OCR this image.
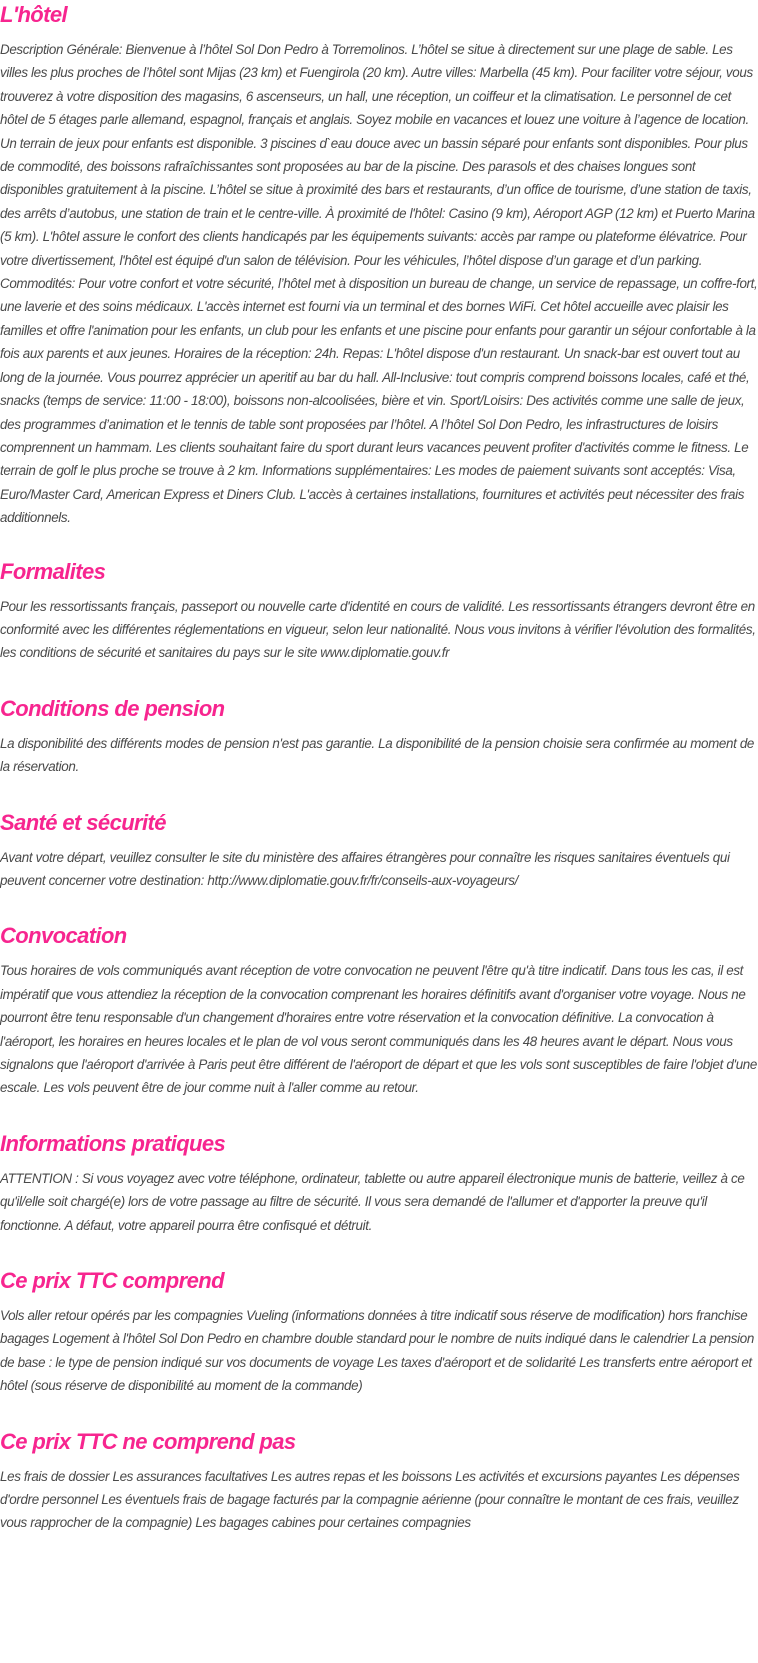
L'hôtel

Description Générale: Bienvenue à l’hôtel Sol Don Pedro à Torremolinos. L’hôtel se situe à directement sur une plage de sable. Les villes les plus proches de l’hôtel sont Mijas (23 km) et Fuengirola (20 km). Autre villes: Marbella (45 km). Pour faciliter votre séjour, vous trouverez à votre disposition des magasins, 6 ascenseurs, un hall, une réception, un coiffeur et la climatisation. Le personnel de cet hôtel de 5 étages parle allemand, espagnol, français et anglais. Soyez mobile en vacances et louez une voiture à l’agence de location. Un terrain de jeux pour enfants est disponible. 3 piscines d`eau douce avec un bassin séparé pour enfants sont disponibles. Pour plus de commodité, des boissons rafraîchissantes sont proposées au bar de la piscine. Des parasols et des chaises longues sont disponibles gratuitement à la piscine. L’hôtel se situe à proximité des bars et restaurants, d’un office de tourisme, d’une station de taxis, des arrêts d’autobus, une station de train et le centre-ville. À proximité de l'hôtel: Casino (9 km), Aéroport AGP (12 km) et Puerto Marina (5 km). L'hôtel assure le confort des clients handicapés par les équipements suivants: accès par rampe ou plateforme élévatrice. Pour votre divertissement, l'hôtel est équipé d'un salon de télévision. Pour les véhicules, l’hôtel dispose d’un garage et d’un parking. Commodités: Pour votre confort et votre sécurité, l’hôtel met à disposition un bureau de change, un service de repassage, un coffre-fort, une laverie et des soins médicaux. L'accès internet est fourni via un terminal et des bornes WiFi. Cet hôtel accueille avec plaisir les familles et offre l'animation pour les enfants, un club pour les enfants et une piscine pour enfants pour garantir un séjour confortable à la fois aux parents et aux jeunes. Horaires de la réception: 24h. Repas: L'hôtel dispose d'un restaurant. Un snack-bar est ouvert tout au long de la journée. Vous pourrez apprécier un aperitif au bar du hall. All-Inclusive: tout compris comprend boissons locales, café et thé, snacks (temps de service: 11:00 - 18:00), boissons non-alcoolisées, bière et vin. Sport/Loisirs: Des activités comme une salle de jeux, des programmes d’animation et le tennis de table sont proposées par l’hôtel. A l’hôtel Sol Don Pedro, les infrastructures de loisirs comprennent un hammam. Les clients souhaitant faire du sport durant leurs vacances peuvent profiter d'activités comme le fitness. Le terrain de golf le plus proche se trouve à 2 km. Informations supplémentaires: Les modes de paiement suivants sont acceptés: Visa, Euro/Master Card, American Express et Diners Club. L'accès à certaines installations, fournitures et activités peut nécessiter des frais additionnels.

Formalites

Pour les ressortissants français, passeport ou nouvelle carte d'identité en cours de validité. Les ressortissants étrangers devront être en conformité avec les différentes réglementations en vigueur, selon leur nationalité. Nous vous invitons à vérifier l'évolution des formalités, les conditions de sécurité et sanitaires du pays sur le site www.diplomatie.gouv.fr

Conditions de pension

La disponibilité des différents modes de pension n'est pas garantie. La disponibilité de la pension choisie sera confirmée au moment de la réservation.

Santé et sécurité

Avant votre départ, veuillez consulter le site du ministère des affaires étrangères pour connaître les risques sanitaires éventuels qui peuvent concerner votre destination: http://www.diplomatie.gouv.fr/fr/conseils-aux-voyageurs/

Convocation

Tous horaires de vols communiqués avant réception de votre convocation ne peuvent l'être qu'à titre indicatif. Dans tous les cas, il est impératif que vous attendiez la réception de la convocation comprenant les horaires définitifs avant d'organiser votre voyage. Nous ne pourront être tenu responsable d'un changement d'horaires entre votre réservation et la convocation définitive. La convocation à l'aéroport, les horaires en heures locales et le plan de vol vous seront communiqués dans les 48 heures avant le départ. Nous vous signalons que l'aéroport d'arrivée à Paris peut être différent de l'aéroport de départ et que les vols sont susceptibles de faire l'objet d'une escale. Les vols peuvent être de jour comme nuit à l'aller comme au retour.

Informations pratiques

ATTENTION : Si vous voyagez avec votre téléphone, ordinateur, tablette ou autre appareil électronique munis de batterie, veillez à ce qu'il/elle soit chargé(e) lors de votre passage au filtre de sécurité. Il vous sera demandé de l'allumer et d'apporter la preuve qu'il fonctionne. A défaut, votre appareil pourra être confisqué et détruit.

Ce prix TTC comprend

Vols aller retour opérés par les compagnies Vueling (informations données à titre indicatif sous réserve de modification) hors franchise bagages Logement à l'hôtel Sol Don Pedro en chambre double standard pour le nombre de nuits indiqué dans le calendrier La pension de base : le type de pension indiqué sur vos documents de voyage Les taxes d'aéroport et de solidarité Les transferts entre aéroport et hôtel (sous réserve de disponibilité au moment de la commande)

Ce prix TTC ne comprend pas

Les frais de dossier Les assurances facultatives Les autres repas et les boissons Les activités et excursions payantes Les dépenses d'ordre personnel Les éventuels frais de bagage facturés par la compagnie aérienne (pour connaître le montant de ces frais, veuillez vous rapprocher de la compagnie) Les bagages cabines pour certaines compagnies
